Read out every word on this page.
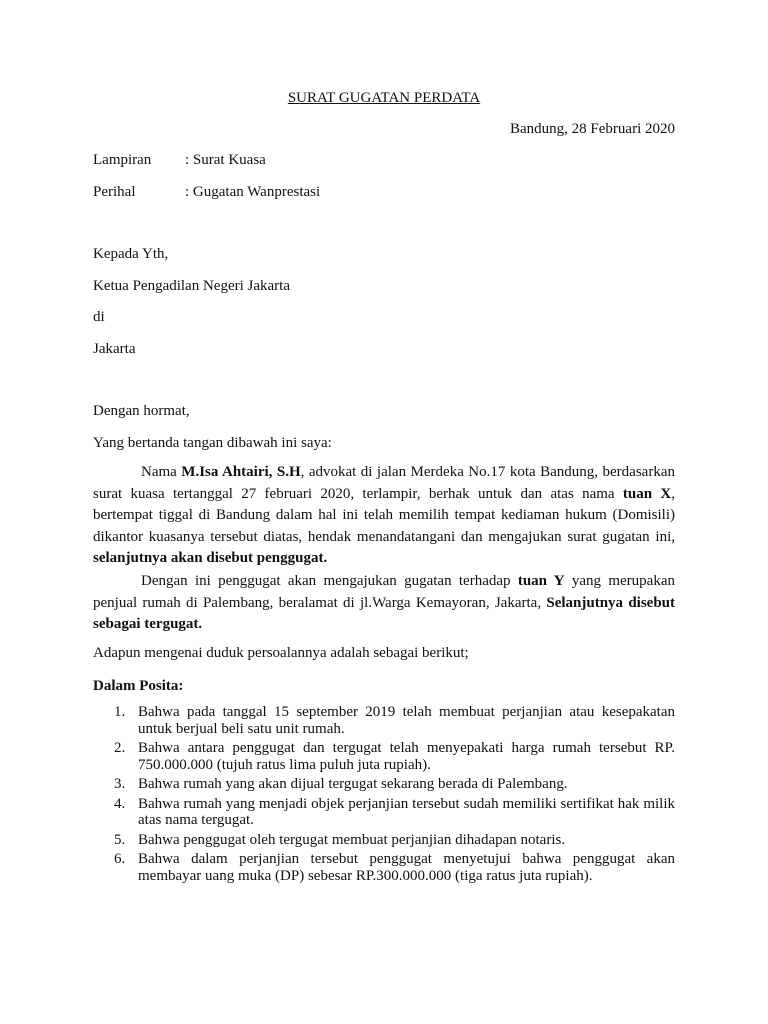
SURAT GUGATAN PERDATA
Bandung, 28 Februari 2020
Lampiran : Surat Kuasa
Perihal	: Gugatan Wanprestasi
Kepada Yth,
Ketua Pengadilan Negeri Jakarta
di
Jakarta
Dengan hormat,
Yang bertanda tangan dibawah ini saya:

Nama M.Isa Ahtairi, S.H, advokat di jalan Merdeka No.17 kota Bandung, berdasarkan surat kuasa tertanggal 27 februari 2020, terlampir, berhak untuk dan atas nama tuan X, bertempat tiggal di Bandung dalam hal ini telah memilih tempat kediaman hukum (Domisili) dikantor kuasanya tersebut diatas, hendak menandatangani dan mengajukan surat gugatan ini, selanjutnya akan disebut penggugat.

Dengan ini penggugat akan mengajukan gugatan terhadap tuan Y yang merupakan penjual rumah di Palembang, beralamat di jl.Warga Kemayoran, Jakarta, Selanjutnya disebut sebagai tergugat.

Adapun mengenai duduk persoalannya adalah sebagai berikut;
Dalam Posita:
1. Bahwa pada tanggal 15 september 2019 telah membuat perjanjian atau kesepakatan untuk berjual beli satu unit rumah.
2. Bahwa antara penggugat dan tergugat telah menyepakati harga rumah tersebut RP. 750.000.000 (tujuh ratus lima puluh juta rupiah).
3. Bahwa rumah yang akan dijual tergugat sekarang berada di Palembang.
4. Bahwa rumah yang menjadi objek perjanjian tersebut sudah memiliki sertifikat hak milik atas nama tergugat.
5. Bahwa penggugat oleh tergugat membuat perjanjian dihadapan notaris.
6. Bahwa dalam perjanjian tersebut penggugat menyetujui bahwa penggugat akan membayar uang muka (DP) sebesar RP.300.000.000 (tiga ratus juta rupiah).
